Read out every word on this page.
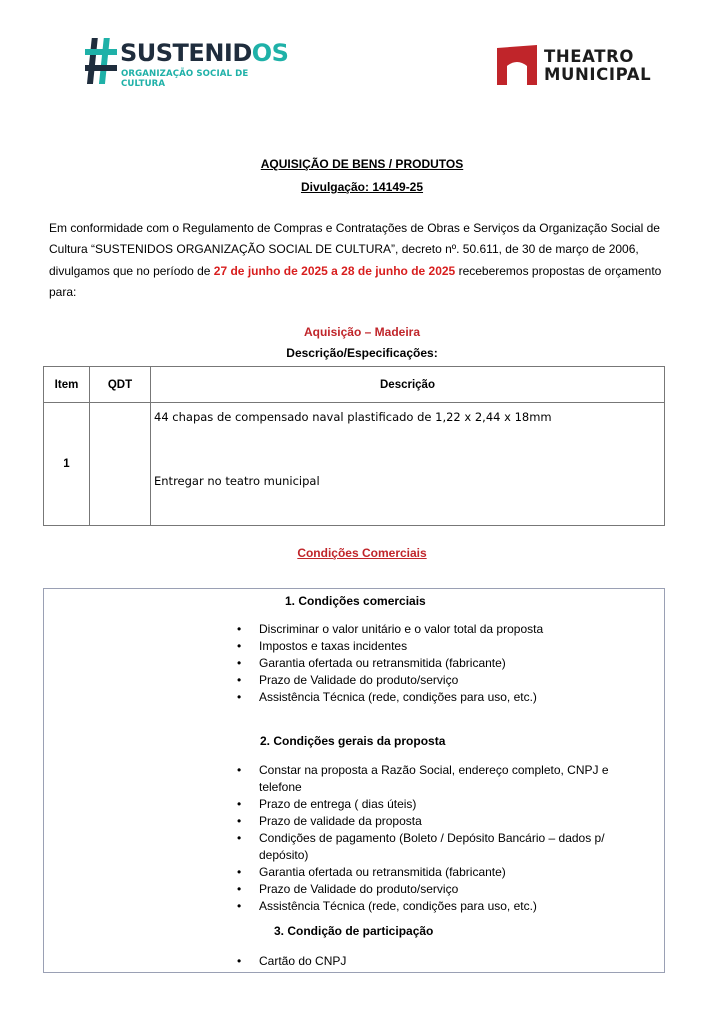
SUSTENIDOS
ORGANIZAÇÃO SOCIAL DE CULTURA
THEATRO
MUNICIPAL
AQUISIÇÃO DE BENS / PRODUTOS
Divulgação: 14149-25

Em conformidade com o Regulamento de Compras e Contratações de Obras e Serviços da Organização Social de Cultura “SUSTENIDOS ORGANIZAÇÃO SOCIAL DE CULTURA”, decreto nº. 50.611, de 30 de março de 2006, divulgamos que no período de 27 de junho de 2025 a 28 de junho de 2025 receberemos propostas de orçamento para:

Aquisição – Madeira
Descrição/Especificações:
Item	QDT	Descrição
1		44 chapas de compensado naval plastificado de 1,22 x 2,44 x 18mm
Entregar no teatro municipal
Condições Comerciais
1. Condições comerciais
• Discriminar o valor unitário e o valor total da proposta
• Impostos e taxas incidentes
• Garantia ofertada ou retransmitida (fabricante)
• Prazo de Validade do produto/serviço
• Assistência Técnica (rede, condições para uso, etc.)
2. Condições gerais da proposta
• Constar na proposta a Razão Social, endereço completo, CNPJ e telefone
• Prazo de entrega ( dias úteis)
• Prazo de validade da proposta
• Condições de pagamento (Boleto / Depósito Bancário – dados p/ depósito)
• Garantia ofertada ou retransmitida (fabricante)
• Prazo de Validade do produto/serviço
• Assistência Técnica (rede, condições para uso, etc.)
3. Condição de participação
• Cartão do CNPJ
